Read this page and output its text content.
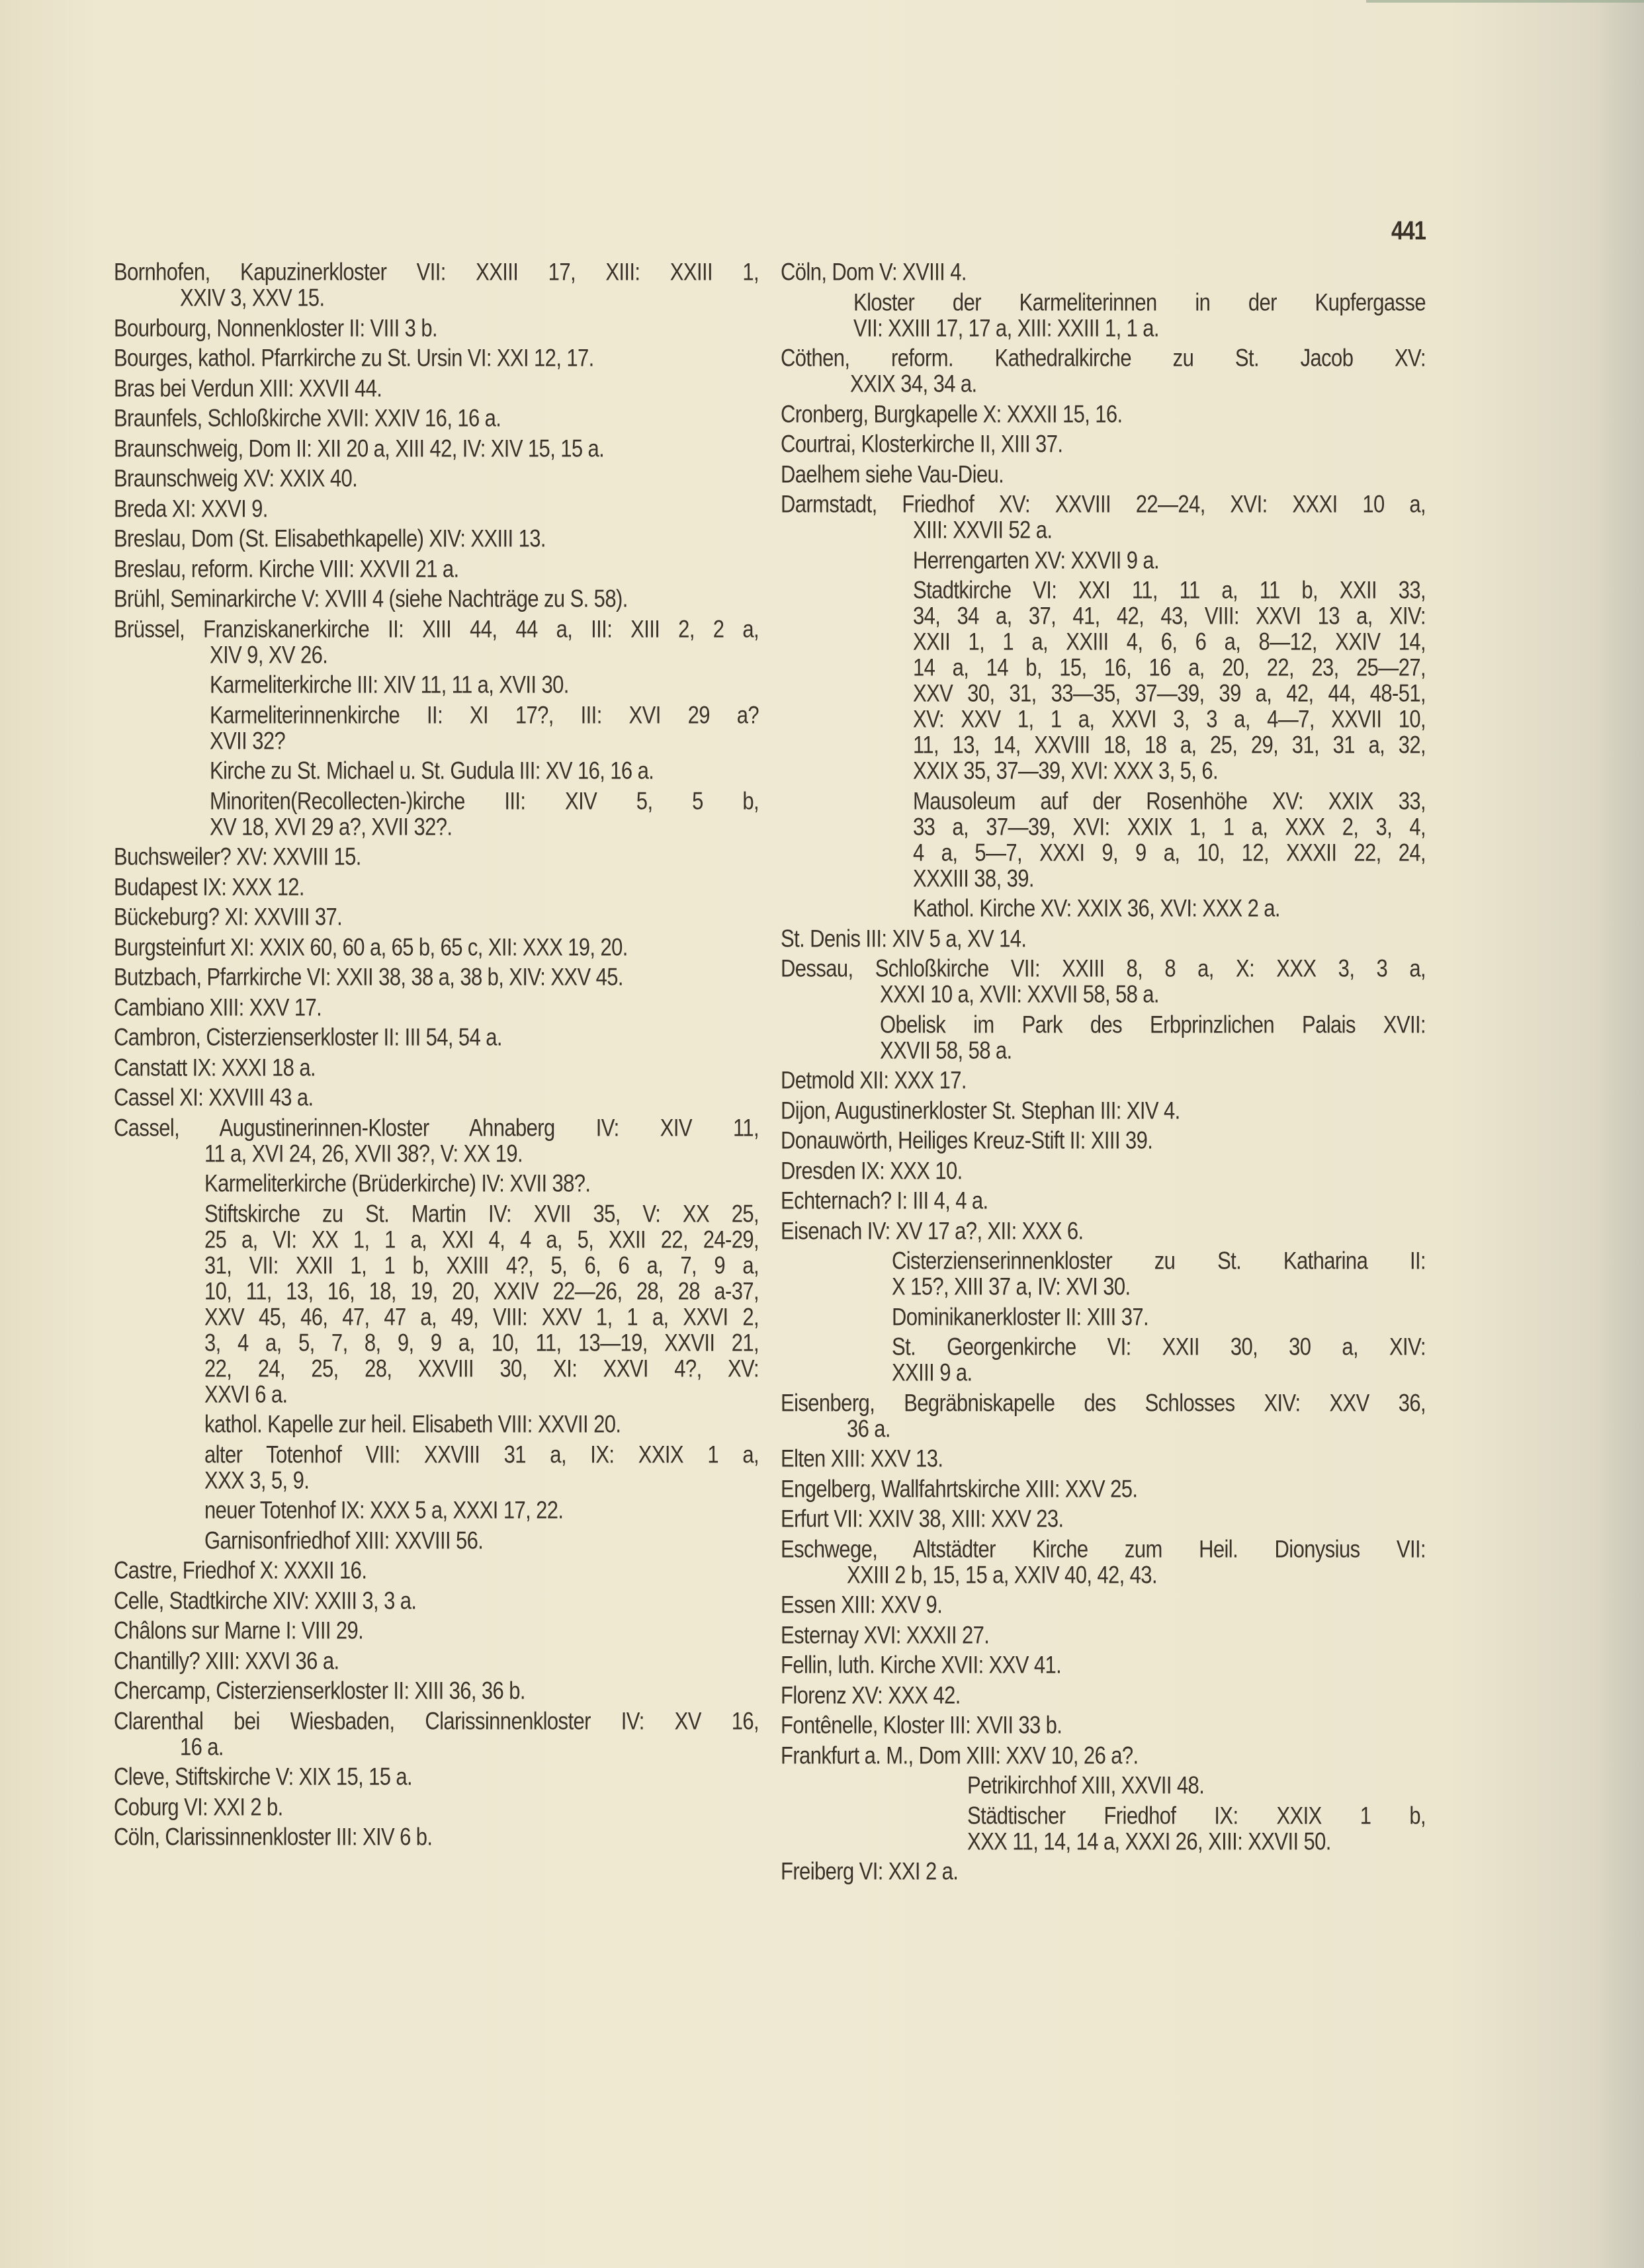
441
Bornhofen, Kapuzinerkloster VII: XXIII 17, XIII: XXIII 1,
XXIV 3, XXV 15.
Bourbourg, Nonnenkloster II: VIII 3 b.
Bourges, kathol. Pfarrkirche zu St. Ursin VI: XXI 12, 17.
Bras bei Verdun XIII: XXVII 44.
Braunfels, Schloßkirche XVII: XXIV 16, 16 a.
Braunschweig, Dom II: XII 20 a, XIII 42, IV: XIV 15, 15 a.
Braunschweig XV: XXIX 40.
Breda XI: XXVI 9.
Breslau, Dom (St. Elisabethkapelle) XIV: XXIII 13.
Breslau, reform. Kirche VIII: XXVII 21 a.
Brühl, Seminarkirche V: XVIII 4 (siehe Nachträge zu S. 58).
Brüssel, Franziskanerkirche II: XIII 44, 44 a, III: XIII 2, 2 a,
XIV 9, XV 26.
Karmeliterkirche III: XIV 11, 11 a, XVII 30.
Karmeliterinnenkirche II: XI 17?, III: XVI 29 a?
XVII 32?
Kirche zu St. Michael u. St. Gudula III: XV 16, 16 a.
Minoriten(Recollecten-)kirche III: XIV 5, 5 b,
XV 18, XVI 29 a?, XVII 32?.
Buchsweiler? XV: XXVIII 15.
Budapest IX: XXX 12.
Bückeburg? XI: XXVIII 37.
Burgsteinfurt XI: XXIX 60, 60 a, 65 b, 65 c, XII: XXX 19, 20.
Butzbach, Pfarrkirche VI: XXII 38, 38 a, 38 b, XIV: XXV 45.
Cambiano XIII: XXV 17.
Cambron, Cisterzienserkloster II: III 54, 54 a.
Canstatt IX: XXXI 18 a.
Cassel XI: XXVIII 43 a.
Cassel, Augustinerinnen-Kloster Ahnaberg IV: XIV 11,
11 a, XVI 24, 26, XVII 38?, V: XX 19.
Karmeliterkirche (Brüderkirche) IV: XVII 38?.
Stiftskirche zu St. Martin IV: XVII 35, V: XX 25,
25 a, VI: XX 1, 1 a, XXI 4, 4 a, 5, XXII 22, 24-29,
31, VII: XXII 1, 1 b, XXIII 4?, 5, 6, 6 a, 7, 9 a,
10, 11, 13, 16, 18, 19, 20, XXIV 22—26, 28, 28 a-37,
XXV 45, 46, 47, 47 a, 49, VIII: XXV 1, 1 a, XXVI 2,
3, 4 a, 5, 7, 8, 9, 9 a, 10, 11, 13—19, XXVII 21,
22, 24, 25, 28, XXVIII 30, XI: XXVI 4?, XV:
XXVI 6 a.
kathol. Kapelle zur heil. Elisabeth VIII: XXVII 20.
alter Totenhof VIII: XXVIII 31 a, IX: XXIX 1 a,
XXX 3, 5, 9.
neuer Totenhof IX: XXX 5 a, XXXI 17, 22.
Garnisonfriedhof XIII: XXVIII 56.
Castre, Friedhof X: XXXII 16.
Celle, Stadtkirche XIV: XXIII 3, 3 a.
Châlons sur Marne I: VIII 29.
Chantilly? XIII: XXVI 36 a.
Chercamp, Cisterzienserkloster II: XIII 36, 36 b.
Clarenthal bei Wiesbaden, Clarissinnenkloster IV: XV 16,
16 a.
Cleve, Stiftskirche V: XIX 15, 15 a.
Coburg VI: XXI 2 b.
Cöln, Clarissinnenkloster III: XIV 6 b.
Cöln, Dom V: XVIII 4.
Kloster der Karmeliterinnen in der Kupfergasse
VII: XXIII 17, 17 a, XIII: XXIII 1, 1 a.
Cöthen, reform. Kathedralkirche zu St. Jacob XV:
XXIX 34, 34 a.
Cronberg, Burgkapelle X: XXXII 15, 16.
Courtrai, Klosterkirche II, XIII 37.
Daelhem siehe Vau-Dieu.
Darmstadt, Friedhof XV: XXVIII 22—24, XVI: XXXI 10 a,
XIII: XXVII 52 a.
Herrengarten XV: XXVII 9 a.
Stadtkirche VI: XXI 11, 11 a, 11 b, XXII 33,
34, 34 a, 37, 41, 42, 43, VIII: XXVI 13 a, XIV:
XXII 1, 1 a, XXIII 4, 6, 6 a, 8—12, XXIV 14,
14 a, 14 b, 15, 16, 16 a, 20, 22, 23, 25—27,
XXV 30, 31, 33—35, 37—39, 39 a, 42, 44, 48-51,
XV: XXV 1, 1 a, XXVI 3, 3 a, 4—7, XXVII 10,
11, 13, 14, XXVIII 18, 18 a, 25, 29, 31, 31 a, 32,
XXIX 35, 37—39, XVI: XXX 3, 5, 6.
Mausoleum auf der Rosenhöhe XV: XXIX 33,
33 a, 37—39, XVI: XXIX 1, 1 a, XXX 2, 3, 4,
4 a, 5—7, XXXI 9, 9 a, 10, 12, XXXII 22, 24,
XXXIII 38, 39.
Kathol. Kirche XV: XXIX 36, XVI: XXX 2 a.
St. Denis III: XIV 5 a, XV 14.
Dessau, Schloßkirche VII: XXIII 8, 8 a, X: XXX 3, 3 a,
XXXI 10 a, XVII: XXVII 58, 58 a.
Obelisk im Park des Erbprinzlichen Palais XVII:
XXVII 58, 58 a.
Detmold XII: XXX 17.
Dijon, Augustinerkloster St. Stephan III: XIV 4.
Donauwörth, Heiliges Kreuz-Stift II: XIII 39.
Dresden IX: XXX 10.
Echternach? I: III 4, 4 a.
Eisenach IV: XV 17 a?, XII: XXX 6.
Cisterzienserinnenkloster zu St. Katharina II:
X 15?, XIII 37 a, IV: XVI 30.
Dominikanerkloster II: XIII 37.
St. Georgenkirche VI: XXII 30, 30 a, XIV:
XXIII 9 a.
Eisenberg, Begräbniskapelle des Schlosses XIV: XXV 36,
36 a.
Elten XIII: XXV 13.
Engelberg, Wallfahrtskirche XIII: XXV 25.
Erfurt VII: XXIV 38, XIII: XXV 23.
Eschwege, Altstädter Kirche zum Heil. Dionysius VII:
XXIII 2 b, 15, 15 a, XXIV 40, 42, 43.
Essen XIII: XXV 9.
Esternay XVI: XXXII 27.
Fellin, luth. Kirche XVII: XXV 41.
Florenz XV: XXX 42.
Fontênelle, Kloster III: XVII 33 b.
Frankfurt a. M., Dom XIII: XXV 10, 26 a?.
Petrikirchhof XIII, XXVII 48.
Städtischer Friedhof IX: XXIX 1 b,
XXX 11, 14, 14 a, XXXI 26, XIII: XXVII 50.
Freiberg VI: XXI 2 a.
